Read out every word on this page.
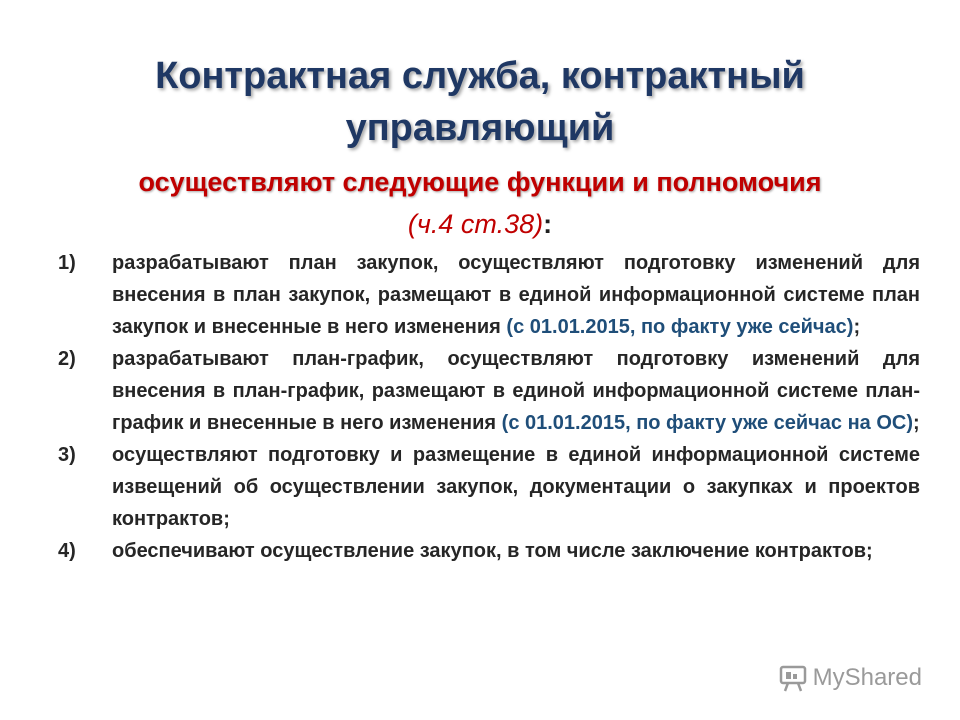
Контрактная служба, контрактный управляющий
осуществляют следующие функции и полномочия
(ч.4 ст.38):
1)	разрабатывают план закупок, осуществляют подготовку изменений для внесения в план закупок, размещают в единой информационной системе план закупок и внесенные в него изменения (с 01.01.2015, по факту уже сейчас);
2)	разрабатывают план-график, осуществляют подготовку изменений для внесения в план-график, размещают в единой информационной системе план-график и внесенные в него изменения (с 01.01.2015, по факту уже сейчас на ОС);
3)	осуществляют подготовку и размещение в единой информационной системе извещений об осуществлении закупок, документации о закупках и проектов контрактов;
4)	обеспечивают осуществление закупок, в том числе заключение контрактов;
MyShared
